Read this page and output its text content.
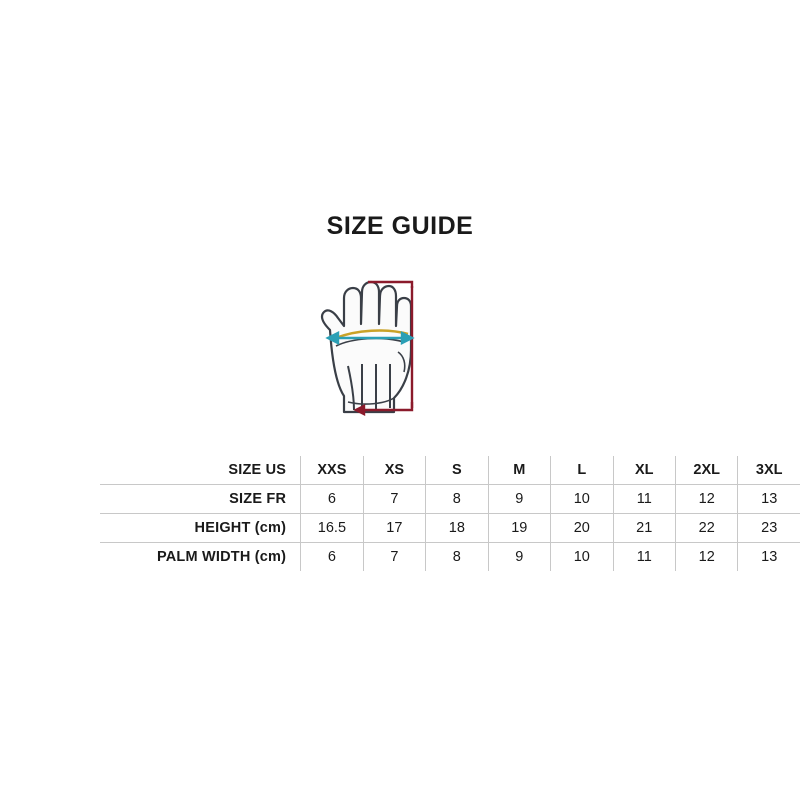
SIZE GUIDE
SIZE US	XXS	XS	S	M	L	XL	2XL	3XL
SIZE FR	6	7	8	9	10	11	12	13
HEIGHT (cm)	16.5	17	18	19	20	21	22	23
PALM WIDTH (cm)	6	7	8	9	10	11	12	13
